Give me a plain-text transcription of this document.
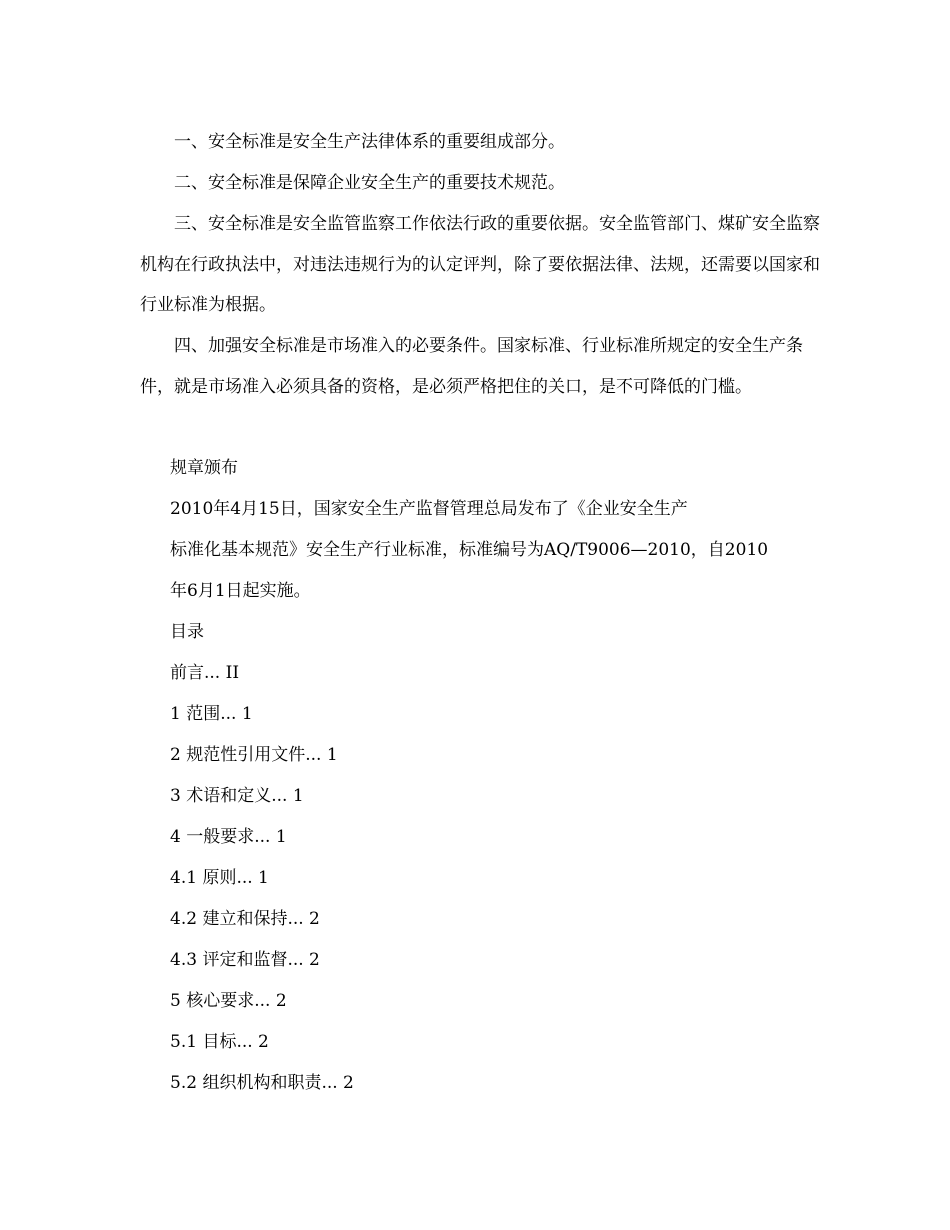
一、安全标准是安全生产法律体系的重要组成部分。

二、安全标准是保障企业安全生产的重要技术规范。

三、安全标准是安全监管监察工作依法行政的重要依据。安全监管部门、煤矿安全监察机构在行政执法中，对违法违规行为的认定评判，除了要依据法律、法规，还需要以国家和行业标准为根据。

四、加强安全标准是市场准入的必要条件。国家标准、行业标准所规定的安全生产条件，就是市场准入必须具备的资格，是必须严格把住的关口，是不可降低的门槛。

规章颁布
2010年4月15日，国家安全生产监督管理总局发布了《企业安全生产
标准化基本规范》安全生产行业标准，标准编号为AQ/T9006—2010，自2010
年6月1日起实施。
目录
前言... II
1 范围... 1
2 规范性引用文件... 1
3 术语和定义... 1
4 一般要求... 1
4.1 原则... 1
4.2 建立和保持... 2
4.3 评定和监督... 2
5 核心要求... 2
5.1 目标... 2
5.2 组织机构和职责... 2
